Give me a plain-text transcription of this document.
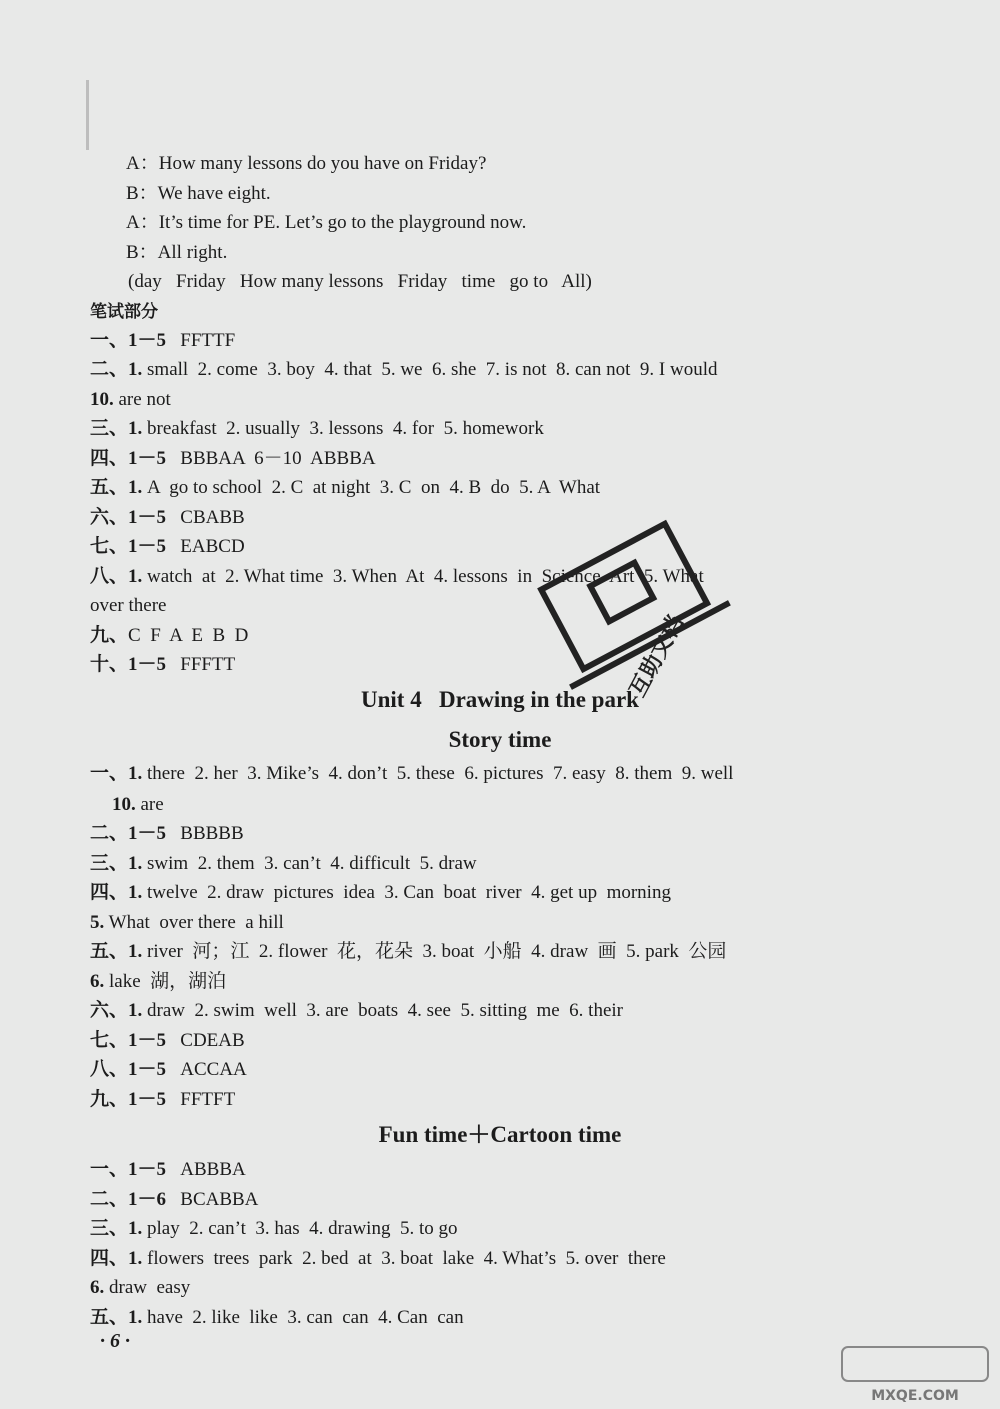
A：How many lessons do you have on Friday?
B：We have eight.
A：It’s time for PE. Let’s go to the playground now.
B：All right.
(day   Friday   How many lessons   Friday   time   go to   All)
笔试部分
一、1－5 FFTTF
二、1. small  2. come  3. boy  4. that  5. we  6. she  7. is not  8. can not  9. I would
10. are not
三、1. breakfast  2. usually  3. lessons  4. for  5. homework
四、1－5 BBBAA  6－10  ABBBA
五、1. A  go to school  2. C  at night  3. C  on  4. B  do  5. A  What
六、1－5 CBABB
七、1－5 EABCD
八、1. watch  at  2. What time  3. When  At  4. lessons  in  Science  Art  5. What
over there
九、C  F  A  E  B  D
十、1－5 FFFTT
Unit 4   Drawing in the park
Story time
一、1. there  2. her  3. Mike’s  4. don’t  5. these  6. pictures  7. easy  8. them  9. well
10. are
二、1－5 BBBBB
三、1. swim  2. them  3. can’t  4. difficult  5. draw
四、1. twelve  2. draw  pictures  idea  3. Can  boat  river  4. get up  morning
5. What  over there  a hill
五、1. river  河；江  2. flower  花，花朵  3. boat  小船  4. draw  画  5. park  公园
6. lake  湖，湖泊
六、1. draw  2. swim  well  3. are  boats  4. see  5. sitting  me  6. their
七、1－5 CDEAB
八、1－5 ACCAA
九、1－5 FFTFT
Fun time＋Cartoon time
一、1－5 ABBBA
二、1－6 BCABBA
三、1. play  2. can’t  3. has  4. drawing  5. to go
四、1. flowers  trees  park  2. bed  at  3. boat  lake  4. What’s  5. over  there
6. draw  easy
五、1. have  2. like  like  3. can  can  4. Can  can
· 6 ·
互助文档
MXQE.COM
